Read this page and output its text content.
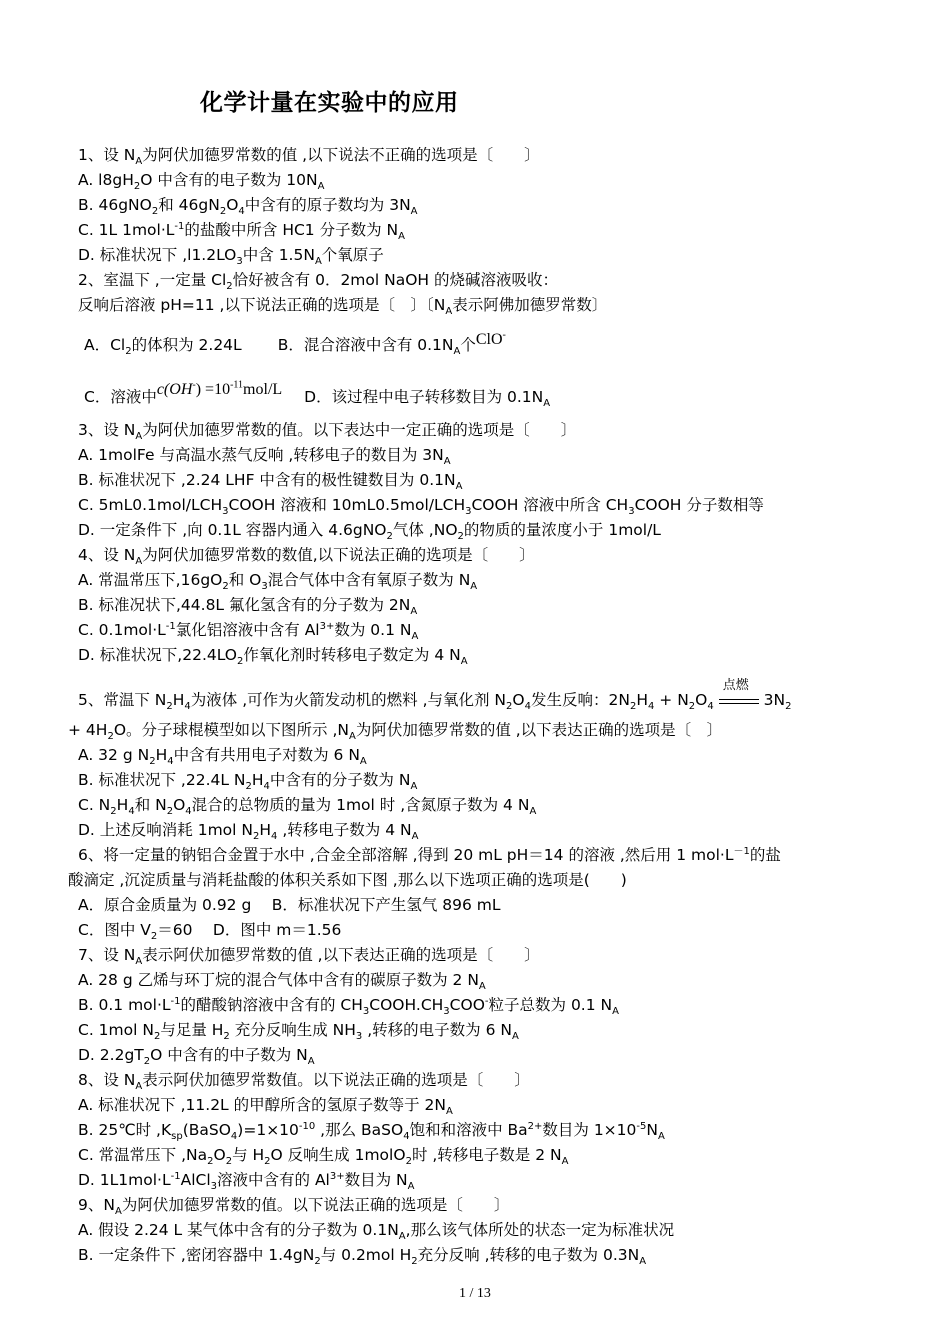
化学计量在实验中的应用
1、设 $N_A$为阿伏加德罗常数的值 ,以下说法不正确的选项是〔　　〕
A. $l8gH_2O$ 中含有的电子数为 $10N_A$
B. 46gNO$_2$和 $46gN_2O_4$中含有的原子数均为 $3N_A$
C. 1L $1mol\cdot L^{-1}$的盐酸中所含 HC1 分子数为 $N_A$
D. 标准状况下 $,l1.2LO_3$中含 $1.5N_A$个氧原子
2、室温下 ,一定量 $Cl_2$恰好被含有 0．2mol NaOH 的烧碱溶液吸收：
反响后溶液 pH=11 ,以下说法正确的选项是〔　〕〔$N_A$表示阿佛加德罗常数〕
A．$Cl_2$的体积为 2.24L B．混合溶液中含有 $0.1N_A$个ClO-
C．溶液中$c(OH^-) =10^{-11}mol/L$ D．该过程中电子转移数目为 $0.1N_A$
3、设 $N_A$为阿伏加德罗常数的值。以下表达中一定正确的选项是〔　　〕
A. 1molFe 与高温水蒸气反响 ,转移电子的数目为 $3N_A$
B. 标准状况下 ,2.24 LHF 中含有的极性键数目为 $0.1N_A$
C. $5mL0.1mol/LCH_3COOH$ 溶液和 $10mL0.5mol/LCH_3COOH$ 溶液中所含 $CH_3COOH$ 分子数相等
D. 一定条件下 ,向 0.1L 容器内通入 4.6gNO$_2$气体 $,NO_2$的物质的量浓度小于 1mol/L
4、设 $N_A$为阿伏加德罗常数的数值,以下说法正确的选项是〔　　〕
A. 常温常压下$,16gO_2$和 $O_3$混合气体中含有氧原子数为 $N_A$
B. 标准况状下,44.8L 氟化氢含有的分子数为 $2N_A$
C. $0.1mol\cdot L^{-1}$氯化铝溶液中含有 $Al^{3+}$数为 0.1 $N_A$
D. 标准状况下$,22.4LO_2$作氧化剂时转移电子数定为 4 $N_A$
5、常温下 $N_2H_4$为液体 ,可作为火箭发动机的燃料 ,与氧化剂 $N_2O_4$发生反响：$2N_2H_4 + N_2O_4$
点燃
$3N_2$
+ $4H_2O$。分子球棍模型如以下图所示 $,N_A$为阿伏加德罗常数的值 ,以下表达正确的选项是〔　〕
A. 32 g $N_2H_4$中含有共用电子对数为 6 $N_A$
B. 标准状况下 ,22.4L $N_2H_4$中含有的分子数为 $N_A$
C. $N_2H_4$和 $N_2O_4$混合的总物质的量为 1mol 时 ,含氮原子数为 4 $N_A$
D. 上述反响消耗 1mol $N_2H_4$ ,转移电子数为 4 $N_A$
6、将一定量的钠铝合金置于水中 ,合金全部溶解 ,得到 20 mL pH＝14 的溶液 ,然后用 1 $mol\cdot L^{-1}$的盐
酸滴定 ,沉淀质量与消耗盐酸的体积关系如下图 ,那么以下选项正确的选项是(　　)
A．原合金质量为 0.92 g　 B．标准状况下产生氢气 896 mL
C．图中 $V_2=60$　 D．图中 m＝1.56
7、设 $N_A$表示阿伏加德罗常数的值 ,以下表达正确的选项是〔　　〕
A. 28 g 乙烯与环丁烷的混合气体中含有的碳原子数为 2 $N_A$
B. 0.1 $mol\cdot L^{-1}$的醋酸钠溶液中含有的 $CH_3COOH.CH_3COO^-$粒子总数为 0.1 $N_A$
C. 1mol $N_2$与足量 $H_2$ 充分反响生成 $NH_3$ ,转移的电子数为 6 $N_A$
D. $2.2gT_2O$ 中含有的中子数为 $N_A$
8、设 $N_A$表示阿伏加德罗常数值。以下说法正确的选项是〔　　〕
A. 标准状况下 ,11.2L 的甲醇所含的氢原子数等于 $2N_A$
B. 25℃时 $,K_{sp}(BaSO_4)=1\times 10^{-10}$ ,那么 BaSO$_4$饱和和溶液中 $Ba^{2+}$数目为 $1\times 10^{-5}N_A$
C. 常温常压下 $,Na_2O_2$与 $H_2O$ 反响生成 1molO$_2$时 ,转移电子数是 2 $N_A$
D. $1L1mol\cdot L^{-1}AlCl_3$溶液中含有的 $Al^{3+}$数目为 $N_A$
9、$N_A$为阿伏加德罗常数的值。以下说法正确的选项是〔　　〕
A. 假设 2.24 L 某气体中含有的分子数为 $0.1N_A$,那么该气体所处的状态一定为标准状况
B. 一定条件下 ,密闭容器中 $1.4gN_2$与 0.2mol $H_2$充分反响 ,转移的电子数为 $0.3N_A$
1 / 13
